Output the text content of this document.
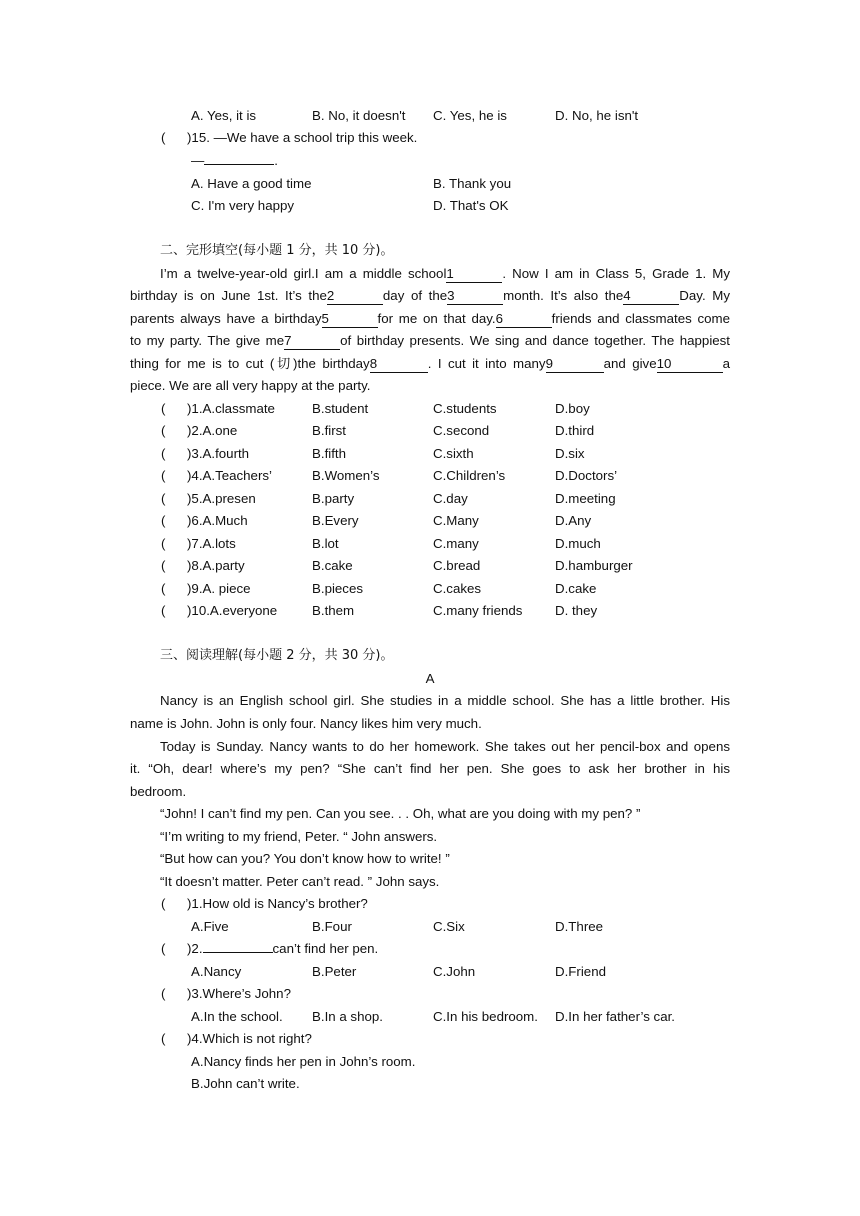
A. Yes, it is	B. No, it doesn't C. Yes, he is	D. No, he isn't
( )15. —We have a school trip this week.
—	.
A. Have a good time	B. Thank you
C. I'm very happy	D. That's OK
二、完形填空(每小题 1 分，共 10 分)。
I’m a twelve-year-old girl.I am a middle school1	. Now I am in Class 5, Grade 1. My
birthday is on June 1st. It’s the2	day of the3	month. It’s also the4	Day. My
parents always have a birthday5	for me on that day.6	friends and classmates come
to my party. The give me7	of birthday presents. We sing and dance together. The happiest
thing for me is to cut (切)the birthday8	. I cut it into many9	and give10	a
piece. We are all very happy at the party.
( )1.A.classmate	B.student	C.students	D.boy
( )2.A.one	B.first	C.second	D.third
( )3.A.fourth	B.fifth	C.sixth	D.six
( )4.A.Teachers’	B.Women’s	C.Children’s	D.Doctors’
( )5.A.presen	B.party	C.day	D.meeting
( )6.A.Much	B.Every	C.Many	D.Any
( )7.A.lots	B.lot	C.many	D.much
( )8.A.party	B.cake	C.bread	D.hamburger
( )9.A. piece	B.pieces	C.cakes	D.cake
( )10.A.everyone	B.them	C.many friends D. they
三、阅读理解(每小题 2 分，共 30 分)。
A
Nancy is an English school girl. She studies in a middle school. She has a little brother. His
name is John. John is only four. Nancy likes him very much.
Today is Sunday. Nancy wants to do her homework. She takes out her pencil-box and opens
it. “Oh, dear! where’s my pen? “She can’t find her pen. She goes to ask her brother in his
bedroom.
“John! I can’t find my pen. Can you see. . . Oh, what are you doing with my pen? ”
“I’m writing to my friend, Peter. “ John answers.
“But how can you? You don’t know how to write! ”
“It doesn’t matter. Peter can’t read. ” John says.
( )1.How old is Nancy’s brother?
A.Five	B.Four	C.Six	D.Three
( )2.	can’t find her pen.
A.Nancy	B.Peter	C.John	D.Friend
( )3.Where’s John?
A.In the school. B.In a shop.	C.In his bedroom. D.In her father’s car.
( )4.Which is not right?
A.Nancy finds her pen in John’s room.
B.John can’t write.
